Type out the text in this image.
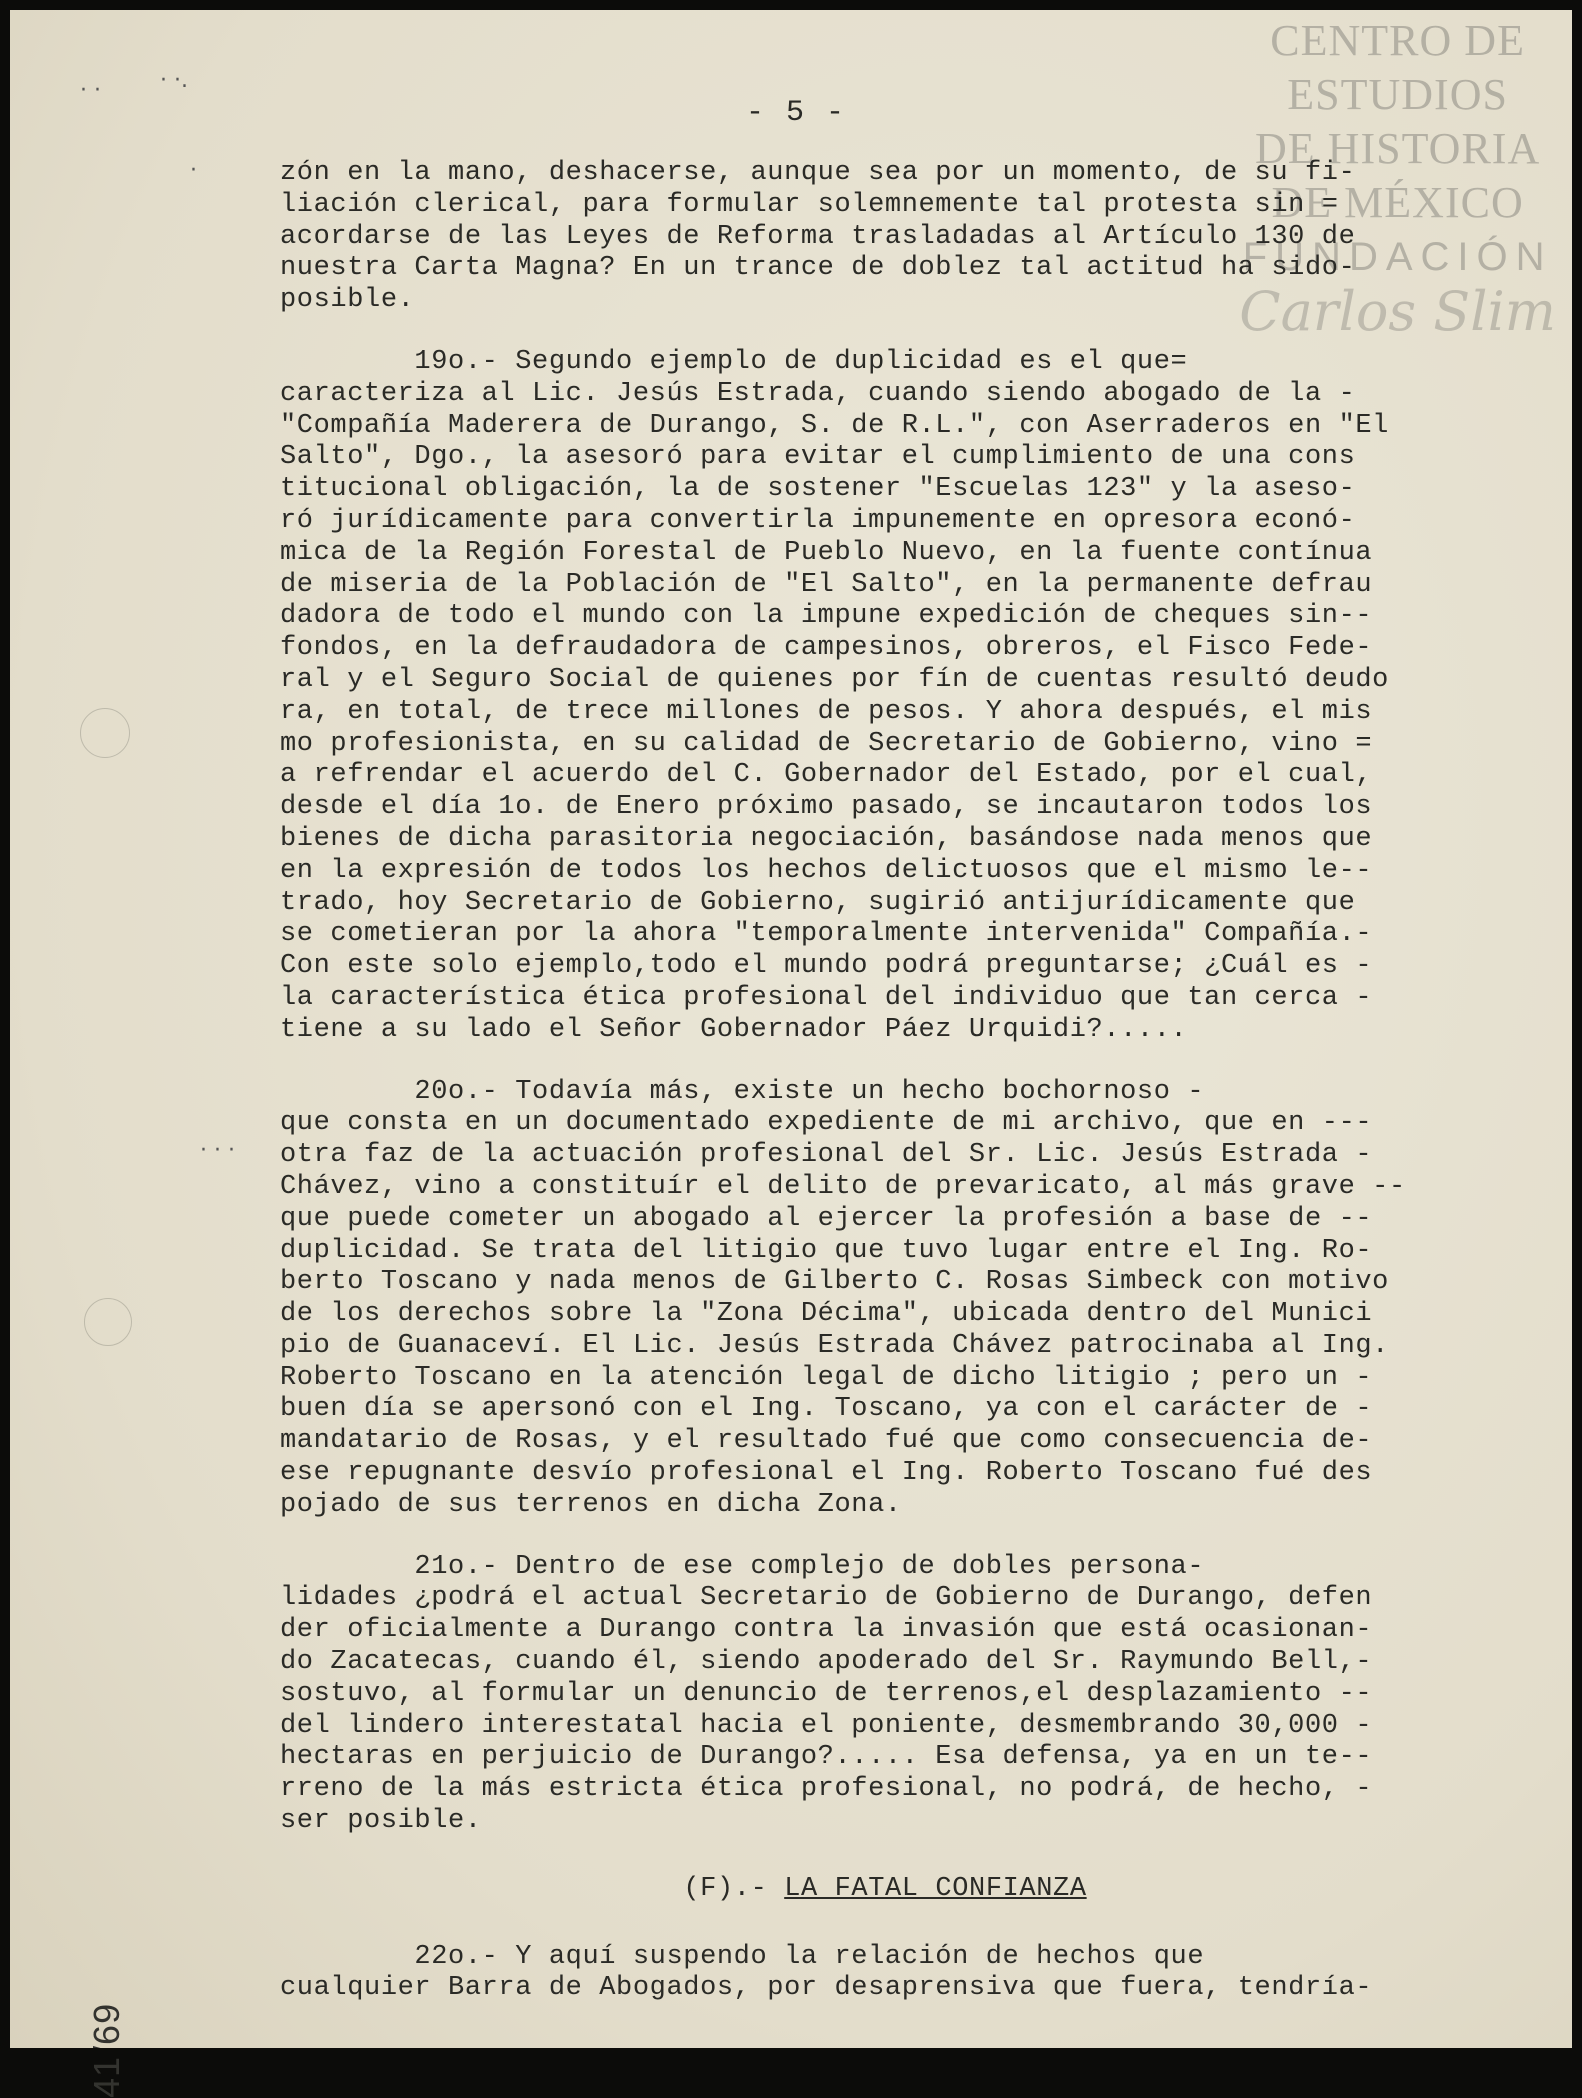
CENTRO DE
ESTUDIOS
DE HISTORIA
DE MÉXICO
FUNDACIÓN
Carlos Slim
· ·	· ·.
·
· · ·
- 5 -
zón en la mano, deshacerse, aunque sea por un momento, de su fi-
liación clerical, para formular solemnemente tal protesta sin =
acordarse de las Leyes de Reforma trasladadas al Artículo 130 de
nuestra Carta Magna? En un trance de doblez tal actitud ha sido-
posible.
19o.- Segundo ejemplo de duplicidad es el que=
caracteriza al Lic. Jesús Estrada, cuando siendo abogado de la -
"Compañía Maderera de Durango, S. de R.L.", con Aserraderos en "El
Salto", Dgo., la asesoró para evitar el cumplimiento de una cons
titucional obligación, la de sostener "Escuelas 123" y la aseso-
ró jurídicamente para convertirla impunemente en opresora econó-
mica de la Región Forestal de Pueblo Nuevo, en la fuente contínua
de miseria de la Población de "El Salto", en la permanente defrau
dadora de todo el mundo con la impune expedición de cheques sin--
fondos, en la defraudadora de campesinos, obreros, el Fisco Fede-
ral y el Seguro Social de quienes por fín de cuentas resultó deudo
ra, en total, de trece millones de pesos. Y ahora después, el mis
mo profesionista, en su calidad de Secretario de Gobierno, vino =
a refrendar el acuerdo del C. Gobernador del Estado, por el cual,
desde el día 1o. de Enero próximo pasado, se incautaron todos los
bienes de dicha parasitoria negociación, basándose nada menos que
en la expresión de todos los hechos delictuosos que el mismo le--
trado, hoy Secretario de Gobierno, sugirió antijurídicamente que
se cometieran por la ahora "temporalmente intervenida" Compañía.-
Con este solo ejemplo,todo el mundo podrá preguntarse; ¿Cuál es -
la característica ética profesional del individuo que tan cerca -
tiene a su lado el Señor Gobernador Páez Urquidi?.....
20o.- Todavía más, existe un hecho bochornoso -
que consta en un documentado expediente de mi archivo, que en ---
otra faz de la actuación profesional del Sr. Lic. Jesús Estrada -
Chávez, vino a constituír el delito de prevaricato, al más grave --
que puede cometer un abogado al ejercer la profesión a base de --
duplicidad. Se trata del litigio que tuvo lugar entre el Ing. Ro-
berto Toscano y nada menos de Gilberto C. Rosas Simbeck con motivo
de los derechos sobre la "Zona Décima", ubicada dentro del Munici
pio de Guanaceví. El Lic. Jesús Estrada Chávez patrocinaba al Ing.
Roberto Toscano en la atención legal de dicho litigio ; pero un -
buen día se apersonó con el Ing. Toscano, ya con el carácter de -
mandatario de Rosas, y el resultado fué que como consecuencia de-
ese repugnante desvío profesional el Ing. Roberto Toscano fué des
pojado de sus terrenos en dicha Zona.
21o.- Dentro de ese complejo de dobles persona-
lidades ¿podrá el actual Secretario de Gobierno de Durango, defen
der oficialmente a Durango contra la invasión que está ocasionan-
do Zacatecas, cuando él, siendo apoderado del Sr. Raymundo Bell,-
sostuvo, al formular un denuncio de terrenos,el desplazamiento --
del lindero interestatal hacia el poniente, desmembrando 30,000 -
hectaras en perjuicio de Durango?..... Esa defensa, ya en un te--
rreno de la más estricta ética profesional, no podrá, de hecho, -
ser posible.
(F).- LA FATAL CONFIANZA
22o.- Y aquí suspendo la relación de hechos que
cualquier Barra de Abogados, por desaprensiva que fuera, tendría-
41/69
